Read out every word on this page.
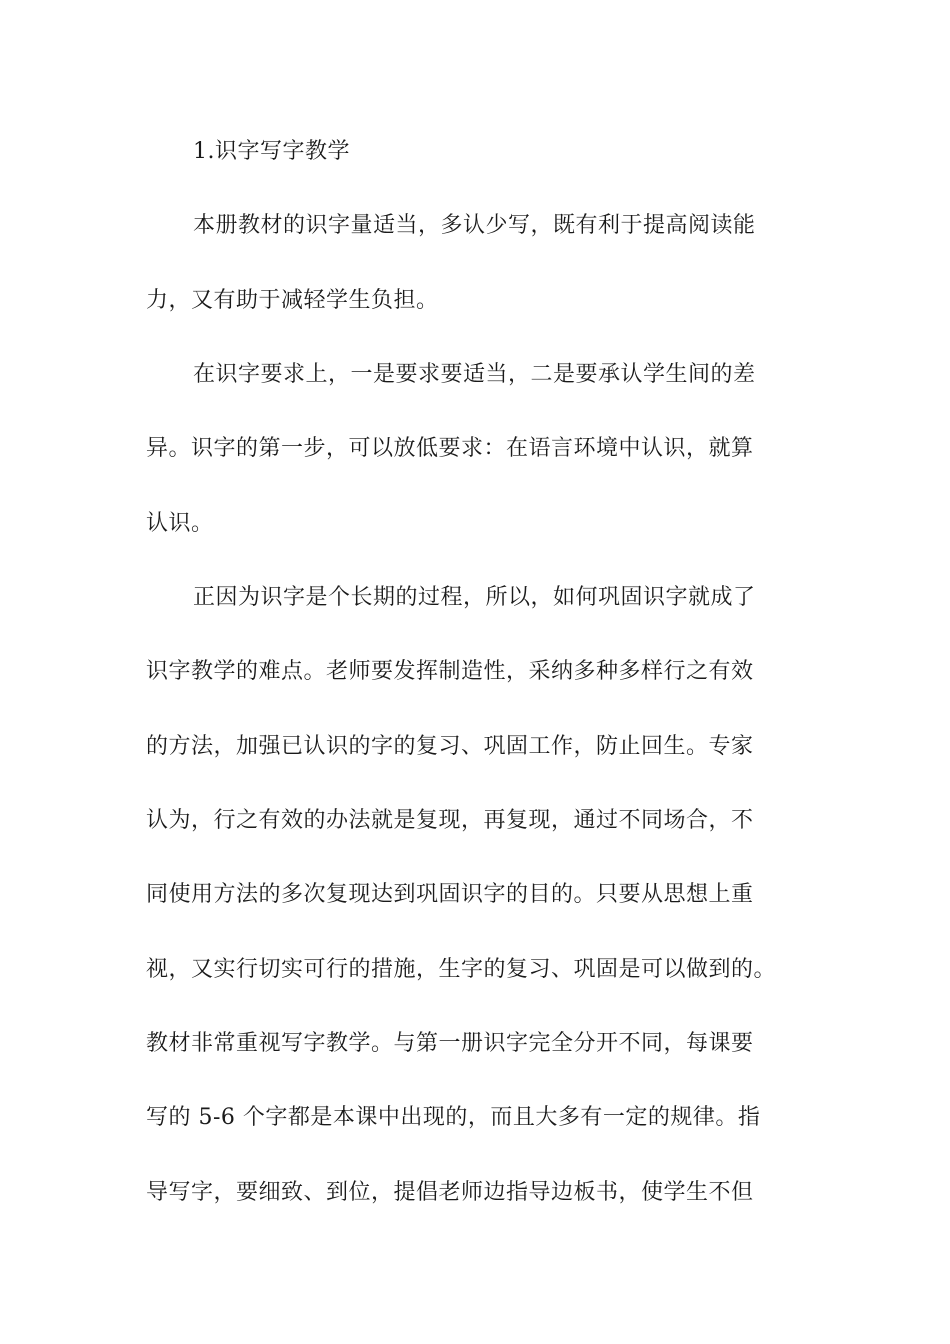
1.识字写字教学
本册教材的识字量适当，多认少写，既有利于提高阅读能
力，又有助于减轻学生负担。
在识字要求上，一是要求要适当，二是要承认学生间的差
异。识字的第一步，可以放低要求：在语言环境中认识，就算
认识。
正因为识字是个长期的过程，所以，如何巩固识字就成了
识字教学的难点。老师要发挥制造性，采纳多种多样行之有效
的方法，加强已认识的字的复习、巩固工作，防止回生。专家
认为，行之有效的办法就是复现，再复现，通过不同场合，不
同使用方法的多次复现达到巩固识字的目的。只要从思想上重
视，又实行切实可行的措施，生字的复习、巩固是可以做到的。
教材非常重视写字教学。与第一册识字完全分开不同，每课要
写的 5-6 个字都是本课中出现的，而且大多有一定的规律。指
导写字，要细致、到位，提倡老师边指导边板书，使学生不但
